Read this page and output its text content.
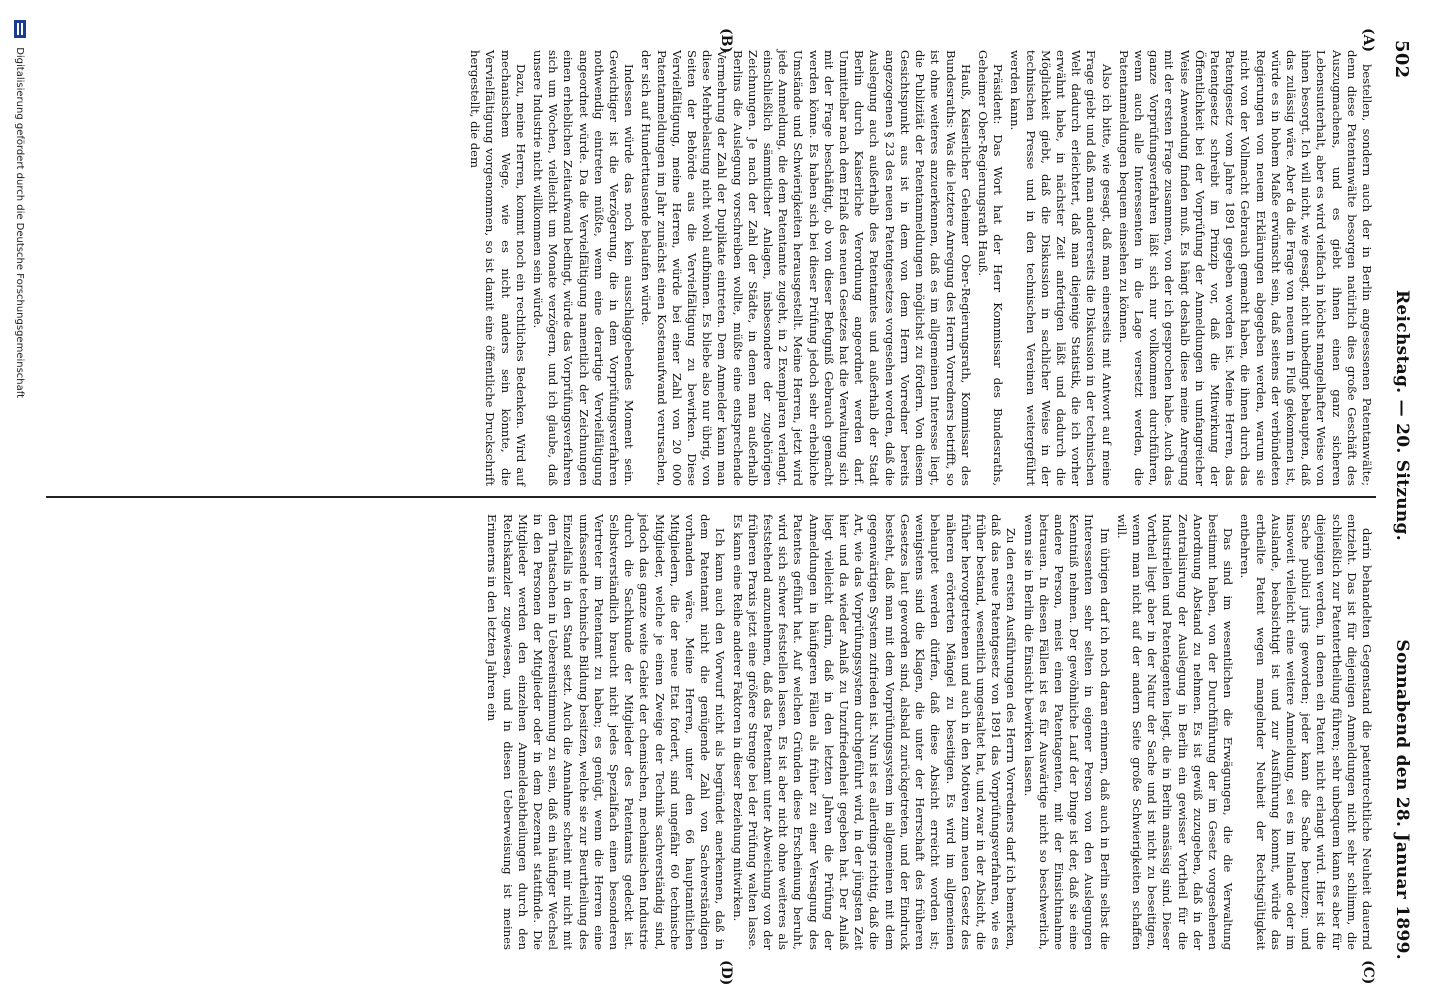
502
Reichstag. — 20. Sitzung.
Sonnabend den 28. Januar 1899.
(A)
(B)
(C)
(D)

bestellen, sondern auch der in Berlin angesessenen Patentanwälte; denn diese Patentanwälte besorgen natürlich dies große Geschäft des Auszugmachens, und es giebt ihnen einen ganz sicheren Lebensunterhalt, aber es wird vielfach in höchst mangelhafter Weise von ihnen besorgt. Ich will nicht, wie gesagt, nicht unbedingt behaupten, daß das zulässig wäre. Aber da die Frage von neuem in Fluß gekommen ist, würde es in hohem Maße erwünscht sein, daß seitens der verbündeten Regierungen von neuem Erklärungen abgegeben werden, warum sie nicht von der Vollmacht Gebrauch gemacht haben, die ihnen durch das Patentgesetz vom Jahre 1891 gegeben worden ist. Meine Herren, das Patentgesetz schreibt im Prinzip vor, daß die Mitwirkung der Öffentlichkeit bei der Vorprüfung der Anmeldungen in umfangreicher Weise Anwendung finden muß. Es hängt deshalb diese meine Anregung mit der ersten Frage zusammen, von der ich gesprochen habe. Auch das ganze Vorprüfungsverfahren läßt sich nur vollkommen durchführen, wenn auch alle Interessenten in die Lage versetzt werden, die Patentanmeldungen bequem einsehen zu können.

Also ich bitte, wie gesagt, daß man einerseits mit Antwort auf meine Frage giebt und daß man andererseits die Diskussion in der technischen Welt dadurch erleichtert, daß man diejenige Statistik, die ich vorher erwähnt habe, in nächster Zeit anfertigen läßt und dadurch die Möglichkeit giebt, daß die Diskussion in sachlicher Weise in der technischen Presse und in den technischen Vereinen weitergeführt werden kann.

Präsident: Das Wort hat der Herr Kommissar des Bundesraths, Geheimer Ober-Regierungsrath Hauß.

Hauß, Kaiserlicher Geheimer Ober-Regierungsrath, Kommissar des Bundesraths: Was die letztere Anregung des Herrn Vorredners betrifft, so ist ohne weiteres anzuerkennen, daß es im allgemeinen Interesse liegt, die Publizität der Patentanmeldungen möglichst zu fördern. Von diesem Gesichtspunkt aus ist in dem von dem Herrn Vorredner bereits angezogenen § 23 des neuen Patentgesetzes vorgesehen worden, daß die Auslegung auch außerhalb des Patentamtes und außerhalb der Stadt Berlin durch Kaiserliche Verordnung angeordnet werden darf. Unmittelbar nach dem Erlaß des neuen Gesetzes hat die Verwaltung sich mit der Frage beschäftigt, ob von dieser Befugniß Gebrauch gemacht werden könne. Es haben sich bei dieser Prüfung jedoch sehr erhebliche Umstände und Schwierigkeiten herausgestellt. Meine Herren, jetzt wird jede Anmeldung, die dem Patentamte zugeht, in 2 Exemplaren verlangt, einschließlich sämmtlicher Anlagen, insbesondere der zugehörigen Zeichnungen. Je nach der Zahl der Städte, in denen man außerhalb Berlins die Auslegung vorschreiben wollte, müßte eine entsprechende Vermehrung der Zahl der Duplikate eintreten. Dem Anmelder kann man diese Mehrbelastung nicht wohl aufbinnen. Es bliebe also nur übrig, von Seiten der Behörde aus die Vervielfältigung zu bewirken. Diese Vervielfältigung, meine Herren, würde bei einer Zahl von 20 000 Patentanmeldungen im Jahr zunächst einen Kostenaufwand verursachen, der sich auf Hunderttausende belaufen würde.

Indessen würde das noch kein ausschlaggebendes Moment sein. Gewichtiger ist die Verzögerung, die in dem Vorprüfungsverfahren nothwendig eintreten müßte, wenn eine derartige Vervielfältigung angeordnet würde. Da die Vervielfältigung namentlich der Zeichnungen einen erheblichen Zeitaufwand bedingt, würde das Vorprüfungsverfahren sich um Wochen, vielleicht um Monate verzögern, und ich glaube, daß unsere Industrie nicht willkommen sein würde.

Dazu, meine Herren, kommt noch ein rechtliches Bedenken. Wird auf mechanischem Wege, wie es nicht anders sein könnte, die Vervielfältigung vorgenommen, so ist damit eine öffentliche Druckschrift hergestellt, die dem

darin behandelten Gegenstand die patentrechtliche Neuheit dauernd entzieht. Das ist für diejenigen Anmeldungen nicht sehr schlimm, die schließlich zur Patentertheilung führen; sehr unbequem kann es aber für diejenigen werden, in denen ein Patent nicht erlangt wird. Hier ist die Sache publici juris geworden; jeder kann die Sache benutzen; und insoweit vielleicht eine weitere Anmeldung, sei es im Inlande oder im Auslande, beabsichtigt ist und zur Ausführung kommt, würde das ertheilte Patent wegen mangelnder Neuheit der Rechtsgültigkeit entbehren.

Das sind im wesentlichen die Erwägungen, die die Verwaltung bestimmt haben, von der Durchführung der im Gesetz vorgesehenen Anordnung Abstand zu nehmen. Es ist gewiß zuzugeben, daß in der Zentralisirung der Auslegung in Berlin ein gewisser Vortheil für die Industriellen und Patentagenten liegt, die in Berlin ansässig sind. Dieser Vortheil liegt aber in der Natur der Sache und ist nicht zu beseitigen, wenn man nicht auf der andern Seite große Schwierigkeiten schaffen will.

Im übrigen darf ich noch daran erinnern, daß auch in Berlin selbst die Interessenten sehr selten in eigener Person von den Auslegungen Kenntniß nehmen. Der gewöhnliche Lauf der Dinge ist der, daß sie eine andere Person, meist einen Patentagenten, mit der Einsichtnahme betrauen. In diesen Fällen ist es für Auswärtige nicht so beschwerlich, wenn sie in Berlin die Einsicht bewirken lassen.

Zu den ersten Ausführungen des Herrn Vorredners darf ich bemerken, daß das neue Patentgesetz von 1891 das Vorprüfungsverfahren, wie es früher bestand, wesentlich umgestaltet hat, und zwar in der Absicht, die früher hervorgetretenen und auch in den Motiven zum neuen Gesetz des näheren erörterten Mängel zu beseitigen. Es wird im allgemeinen behauptet werden dürfen, daß diese Absicht erreicht worden ist; wenigstens sind die Klagen, die unter der Herrschaft des früheren Gesetzes laut geworden sind, alsbald zurückgetreten, und der Eindruck besteht, daß man mit dem Vorprüfungssystem im allgemeinen mit dem gegenwärtigen System zufrieden ist. Nun ist es allerdings richtig, daß die Art, wie das Vorprüfungssystem durchgeführt wird, in der jüngsten Zeit hier und da wieder Anlaß zu Unzufriedenheit gegeben hat. Der Anlaß liegt vielleicht darin, daß in den letzten Jahren die Prüfung der Anmeldungen in häufigeren Fällen als früher zu einer Versagung des Patentes geführt hat. Auf welchen Gründen diese Erscheinung beruht, wird sich schwer feststellen lassen. Es ist aber nicht ohne weiteres als feststehend anzunehmen, daß das Patentamt unter Abweichung von der früheren Praxis jetzt eine größere Strenge bei der Prüfung walten lasse. Es kann eine Reihe anderer Faktoren in dieser Beziehung mitwirken.

Ich kann auch den Vorwurf nicht als begründet anerkennen, daß in dem Patentamt nicht die genügende Zahl von Sachverständigen vorhanden wäre. Meine Herren, unter den 66 hauptamtlichen Mitgliedern, die der neue Etat fordert, sind ungefähr 60 technische Mitglieder, welche je einen Zweige der Technik sachverständig sind, jedoch das ganze weite Gebiet der chemischen, mechanischen Industrie durch die Sachkunde der Mitglieder des Patentamts gedeckt ist. Selbstverständlich braucht nicht jedes Spezialfach einen besonderen Vertreter im Patentamt zu haben; es genügt, wenn die Herren eine umfassende technische Bildung besitzen, welche sie zur Beurtheilung des Einzelfalls in den Stand setzt. Auch die Annahme scheint mir nicht mit den Thatsachen in Uebereinstimmung zu sein, daß ein häufiger Wechsel in den Personen der Mitglieder oder in dem Dezernat stattfinde. Die Mitglieder werden den einzelnen Anmeldeabtheilungen durch den Reichskanzler zugewiesen, und in diesen Ueberweisung ist meines Erinnerns in den letzten Jahren ein

Digitalisierung gefördert durch die Deutsche Forschungsgemeinschaft
